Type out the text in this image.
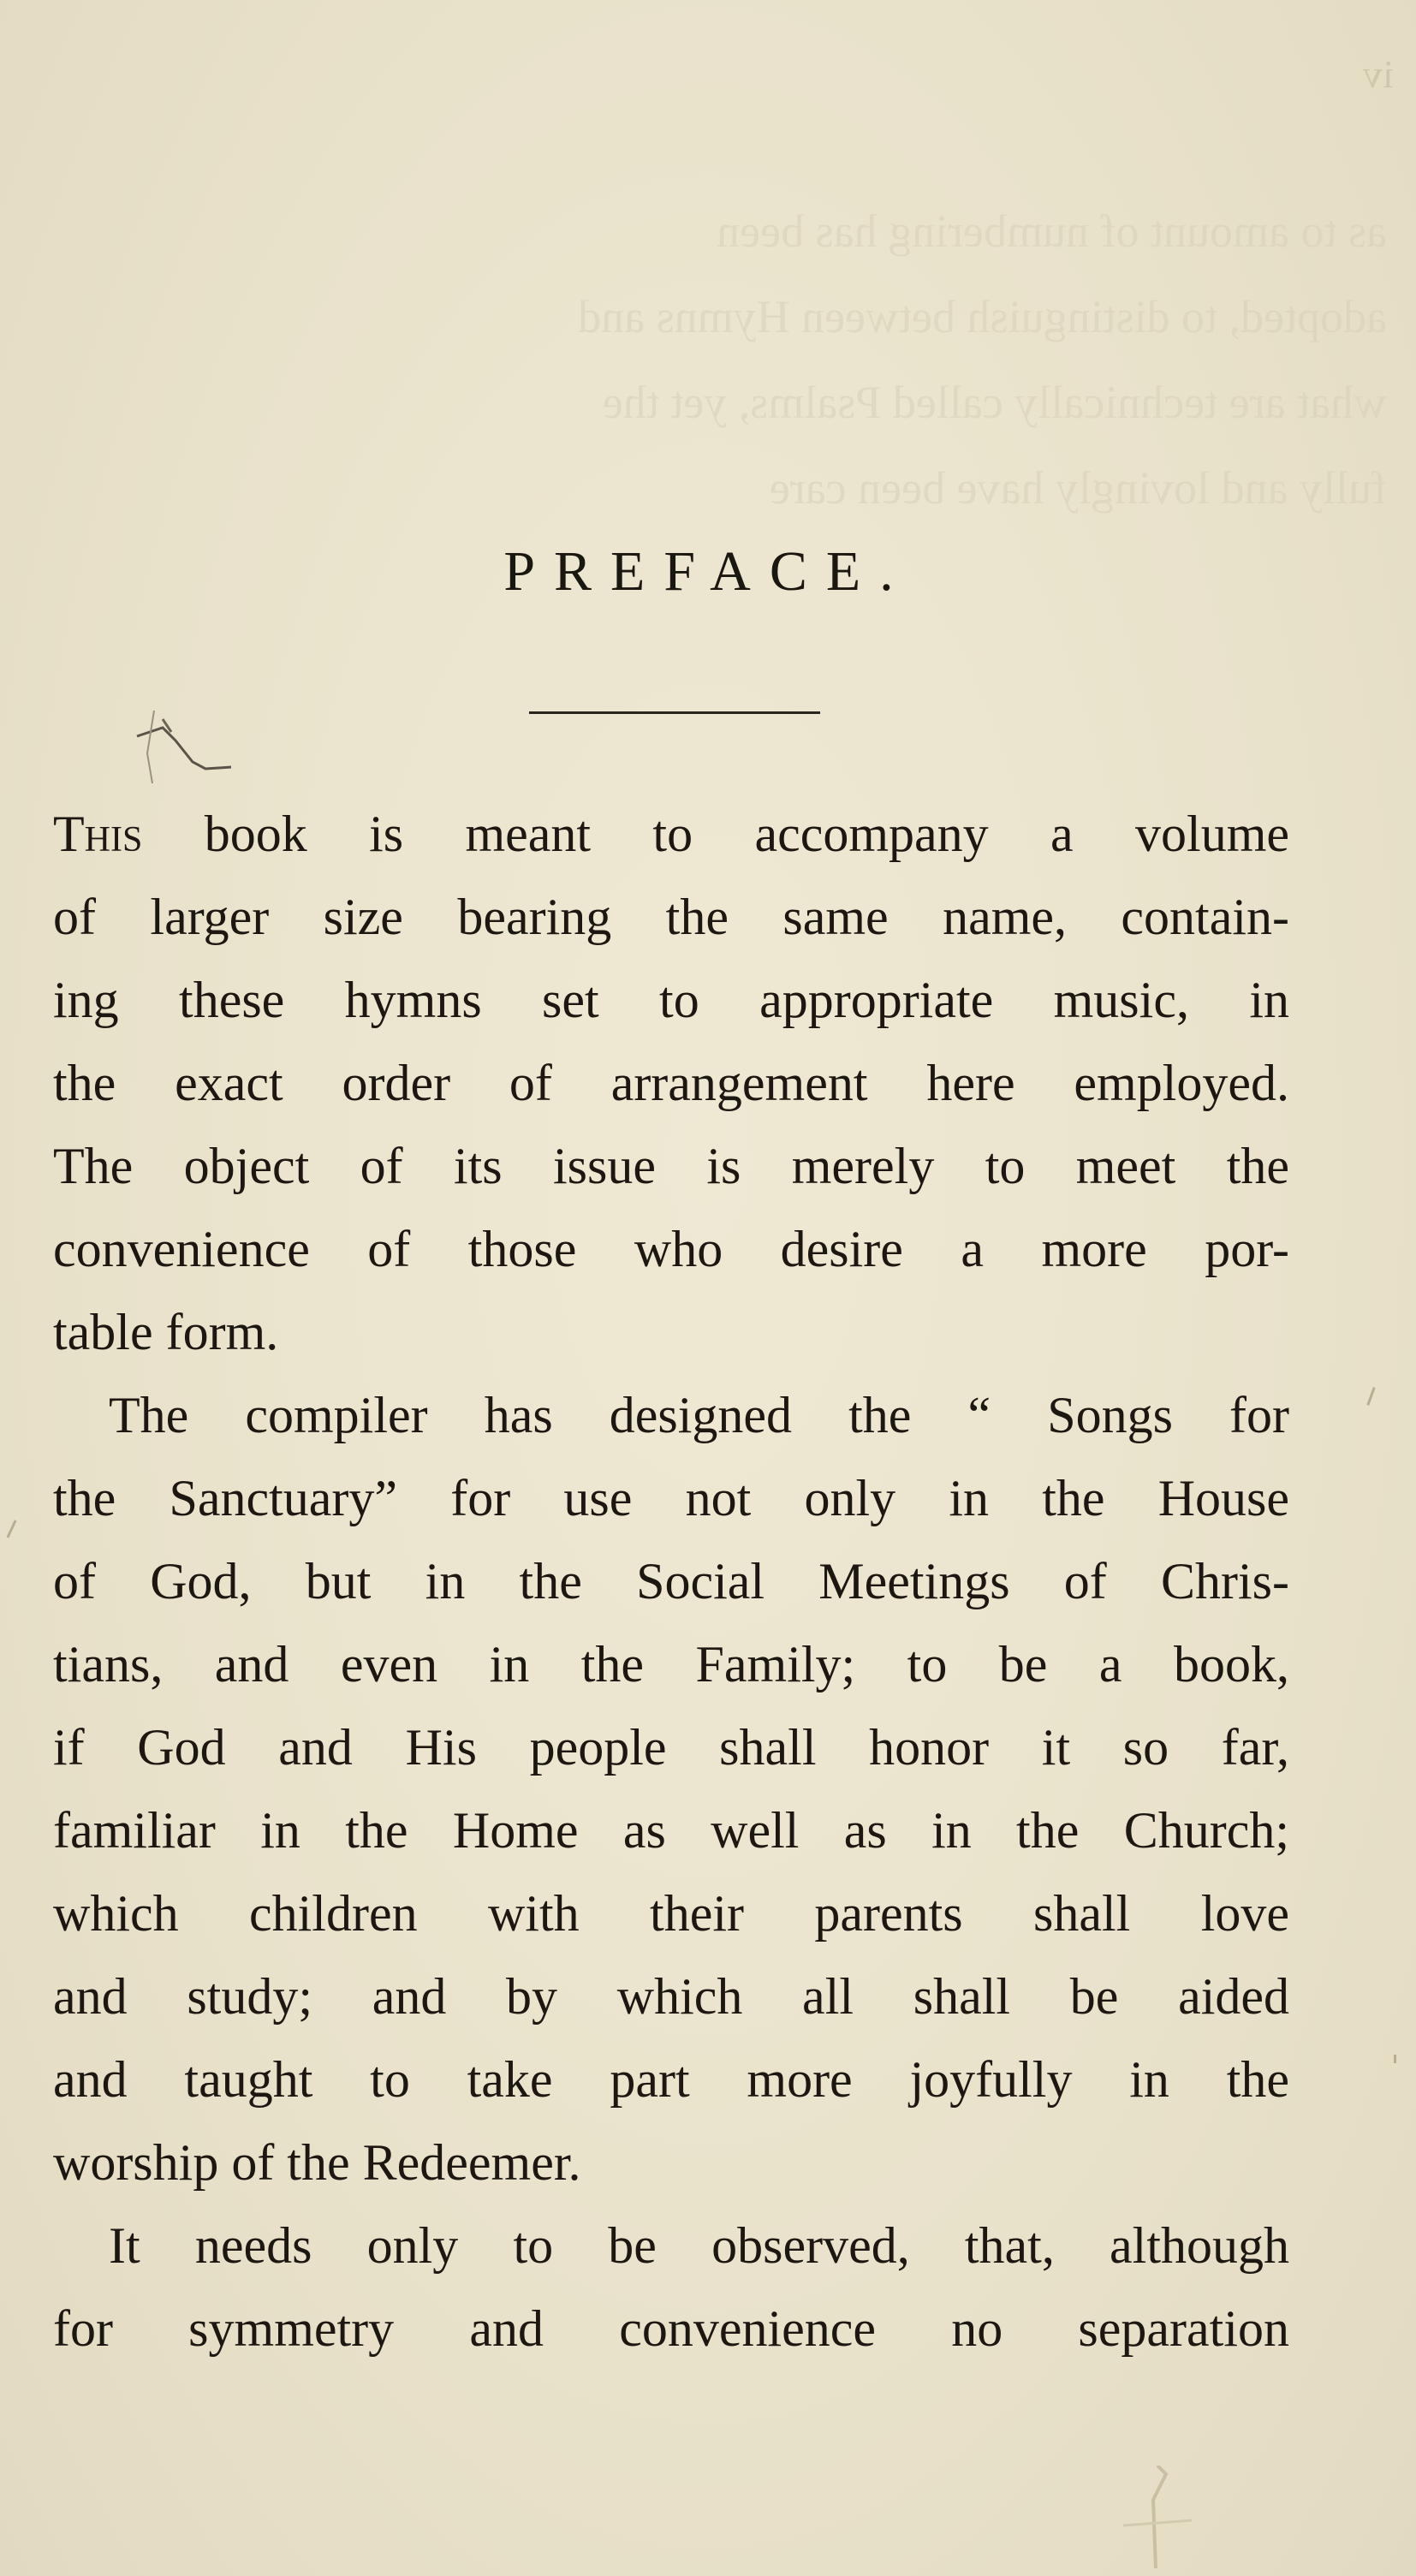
iv
as to amount of numbering has been
adopted, to distinguish between Hymns and
what are technically called Psalms, yet the
fully and lovingly have been care
PREFACE.
This book is meant to accompany a volume
of larger size bearing the same name, contain-
ing these hymns set to appropriate music, in
the exact order of arrangement here employed.
The object of its issue is merely to meet the
convenience of those who desire a more por-
table form.
The compiler has designed the “ Songs for
the Sanctuary” for use not only in the House
of God, but in the Social Meetings of Chris-
tians, and even in the Family; to be a book,
if God and His people shall honor it so far,
familiar in the Home as well as in the Church;
which children with their parents shall love
and study; and by which all shall be aided
and taught to take part more joyfully in the
worship of the Redeemer.
It needs only to be observed, that, although
for symmetry and convenience no separation
